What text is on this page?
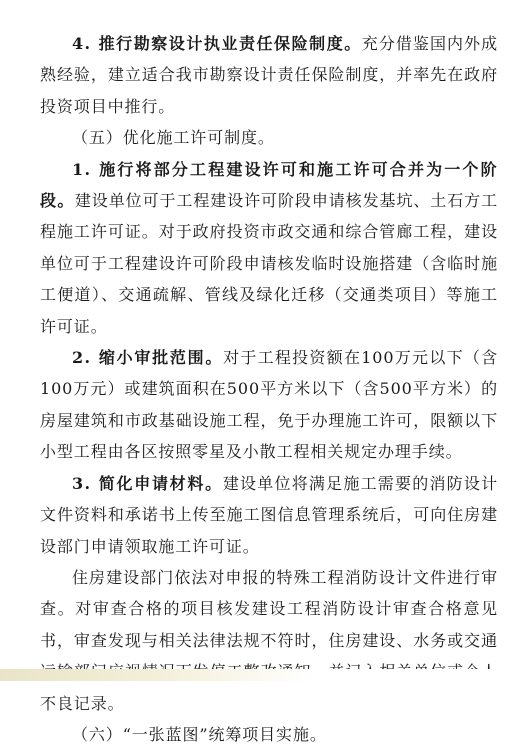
4. 推行勘察设计执业责任保险制度。充分借鉴国内外成熟经验，建立适合我市勘察设计责任保险制度，并率先在政府投资项目中推行。

（五）优化施工许可制度。

1. 施行将部分工程建设许可和施工许可合并为一个阶段。建设单位可于工程建设许可阶段申请核发基坑、土石方工程施工许可证。对于政府投资市政交通和综合管廊工程，建设单位可于工程建设许可阶段申请核发临时设施搭建（含临时施工便道）、交通疏解、管线及绿化迁移（交通类项目）等施工许可证。

2. 缩小审批范围。对于工程投资额在100万元以下（含100万元）或建筑面积在500平方米以下（含500平方米）的房屋建筑和市政基础设施工程，免于办理施工许可，限额以下小型工程由各区按照零星及小散工程相关规定办理手续。

3. 简化申请材料。建设单位将满足施工需要的消防设计文件资料和承诺书上传至施工图信息管理系统后，可向住房建设部门申请领取施工许可证。

住房建设部门依法对申报的特殊工程消防设计文件进行审查。对审查合格的项目核发建设工程消防设计审查合格意见书，审查发现与相关法律法规不符时，住房建设、水务或交通 不良记录。

（六）“一张蓝图”统筹项目实施。
